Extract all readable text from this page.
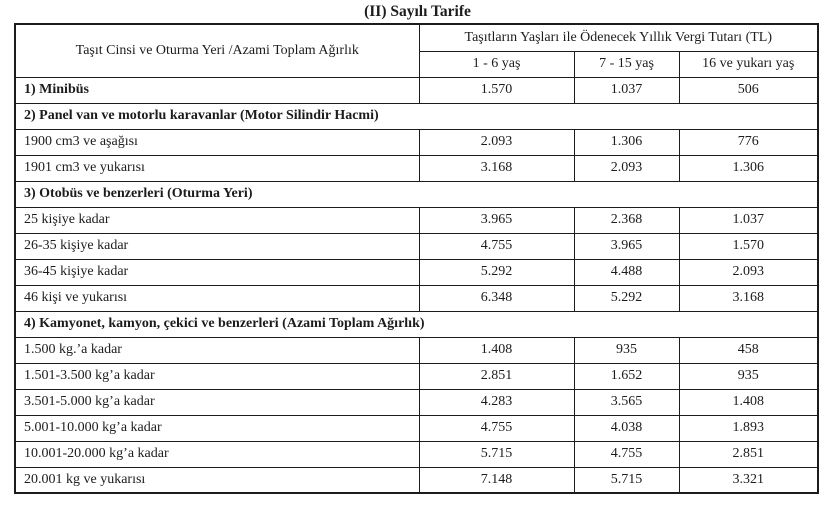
(II) Sayılı Tarife
Taşıt Cinsi ve Oturma Yeri /Azami Toplam Ağırlık	Taşıtların Yaşları ile Ödenecek Yıllık Vergi Tutarı (TL)		
	1 - 6 yaş	7 - 15 yaş	16 ve yukarı yaş
1) Minibüs	1.570	1.037	506
2) Panel van ve motorlu karavanlar (Motor Silindir Hacmi)			
1900 cm3 ve aşağısı	2.093	1.306	776
1901 cm3 ve yukarısı	3.168	2.093	1.306
3) Otobüs ve benzerleri (Oturma Yeri)			
25 kişiye kadar	3.965	2.368	1.037
26-35 kişiye kadar	4.755	3.965	1.570
36-45 kişiye kadar	5.292	4.488	2.093
46 kişi ve yukarısı	6.348	5.292	3.168
4) Kamyonet, kamyon, çekici ve benzerleri (Azami Toplam Ağırlık)			
1.500 kg.’a kadar	1.408	935	458
1.501-3.500 kg’a kadar	2.851	1.652	935
3.501-5.000 kg’a kadar	4.283	3.565	1.408
5.001-10.000 kg’a kadar	4.755	4.038	1.893
10.001-20.000 kg’a kadar	5.715	4.755	2.851
20.001 kg ve yukarısı	7.148	5.715	3.321
